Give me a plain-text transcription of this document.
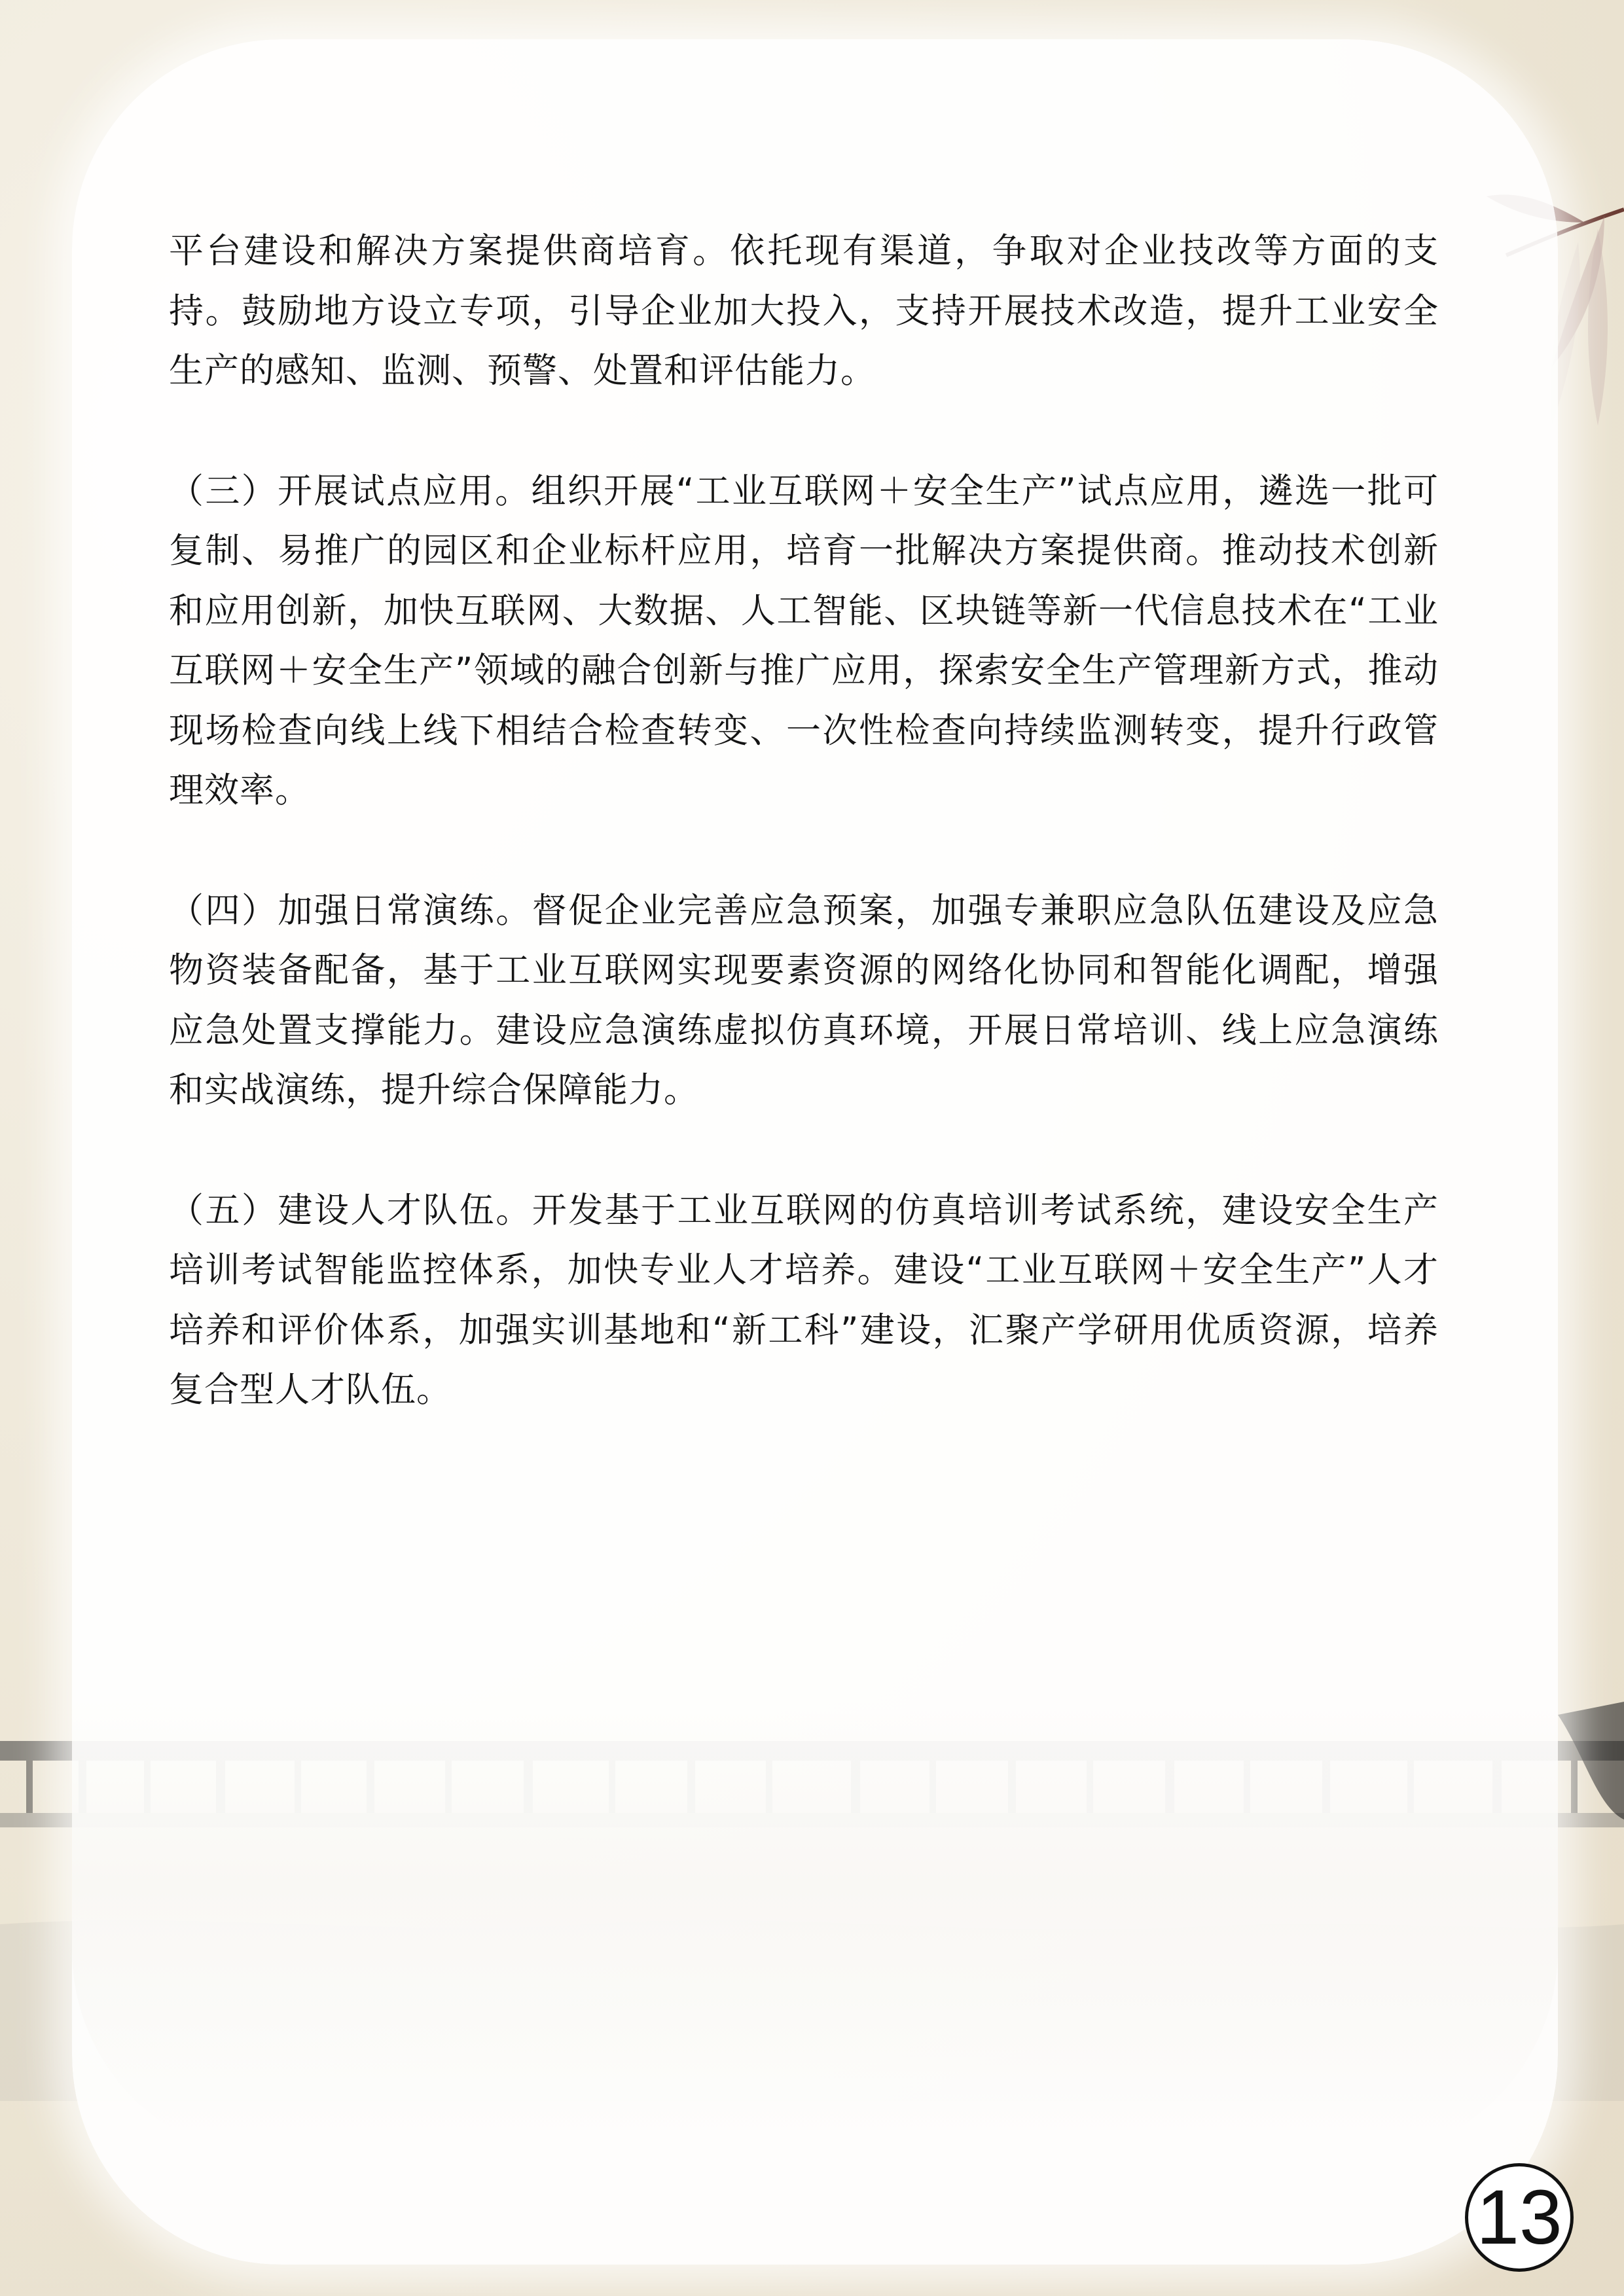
平台建设和解决方案提供商培育。依托现有渠道，争取对企业技改等方面的支持。鼓励地方设立专项，引导企业加大投入，支持开展技术改造，提升工业安全生产的感知、监测、预警、处置和评估能力。

（三）开展试点应用。组织开展“工业互联网＋安全生产”试点应用，遴选一批可复制、易推广的园区和企业标杆应用，培育一批解决方案提供商。推动技术创新和应用创新，加快互联网、大数据、人工智能、区块链等新一代信息技术在“工业互联网＋安全生产”领域的融合创新与推广应用，探索安全生产管理新方式，推动现场检查向线上线下相结合检查转变、一次性检查向持续监测转变，提升行政管理效率。

（四）加强日常演练。督促企业完善应急预案，加强专兼职应急队伍建设及应急物资装备配备，基于工业互联网实现要素资源的网络化协同和智能化调配，增强应急处置支撑能力。建设应急演练虚拟仿真环境，开展日常培训、线上应急演练和实战演练，提升综合保障能力。

（五）建设人才队伍。开发基于工业互联网的仿真培训考试系统，建设安全生产培训考试智能监控体系，加快专业人才培养。建设“工业互联网＋安全生产”人才培养和评价体系，加强实训基地和“新工科”建设，汇聚产学研用优质资源，培养复合型人才队伍。

13
